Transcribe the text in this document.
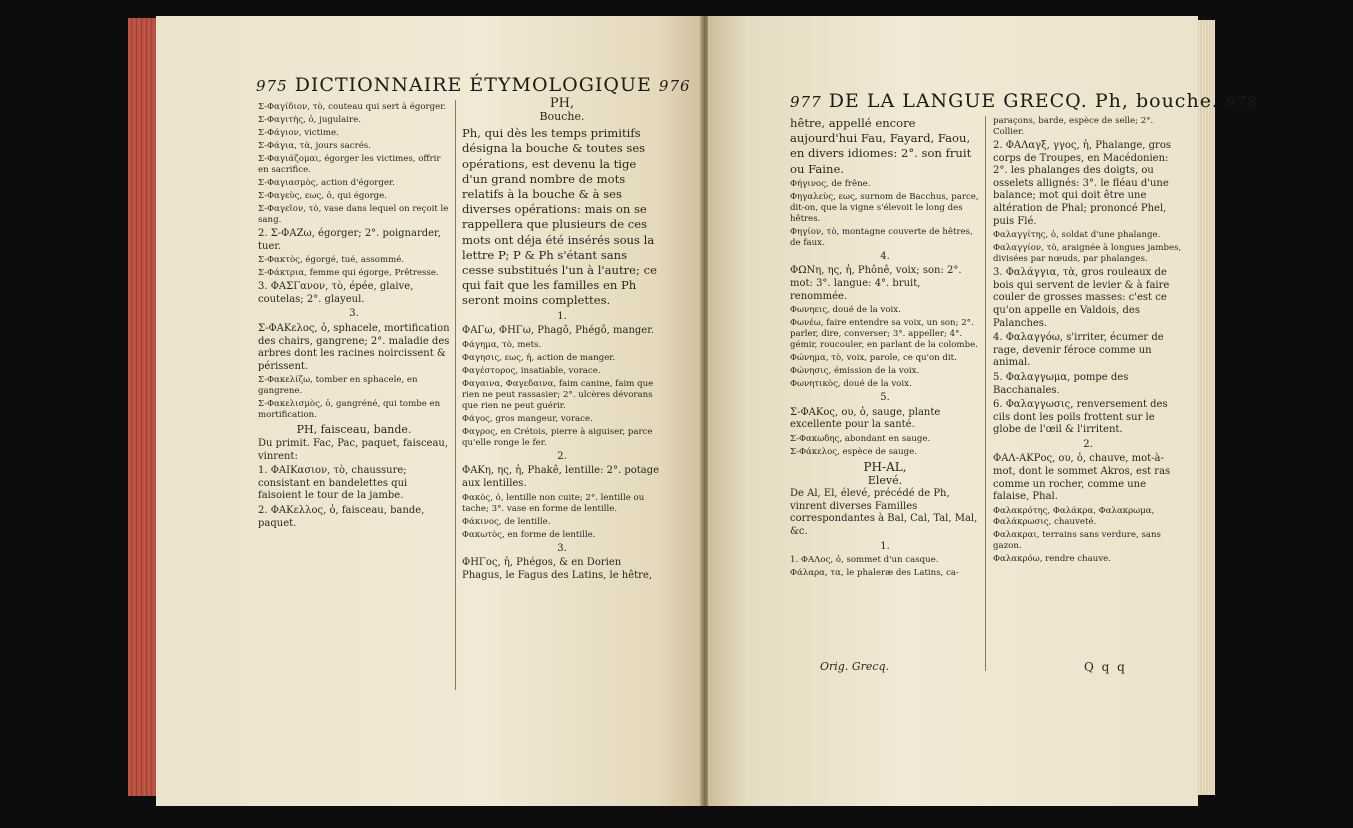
975 DICTIONNAIRE ÉTYMOLOGIQUE 976

Σ-Φαγίδιον, τὸ, couteau qui sert à égorger.

Σ-Φαγιτὴς, ὁ, jugulaire.

Σ-Φάγιον, victime.

Σ-Φάγια, τὰ, jours sacrés.

Σ-Φαγιάζομαι, égorger les victimes, offrir en sacrifice.

Σ-Φαγιασμὸς, action d'égorger.

Σ-Φαγεὺς, εως, ὁ, qui égorge.

Σ-Φαγεῖον, τὸ, vase dans lequel on reçoit le sang.

2. Σ-ΦΑΖω, égorger; 2°. poignarder, tuer.

Σ-Φακτὸς, égorgé, tué, assommé.

Σ-Φάκτρια, femme qui égorge, Prêtresse.

3. ΦΑΣΓανον, τὸ, épée, glaive, coutelas; 2°. glayeul.

3.

Σ-ΦΑΚελος, ὁ, sphacele, mortification des chairs, gangrene; 2°. maladie des arbres dont les racines noircissent & périssent.

Σ-Φακελίζω, tomber en sphacele, en gangrene.

Σ-Φακελισμὸς, ὁ, gangréné, qui tombe en mortification.

PH, faisceau, bande.

Du primit. Fac, Pac, paquet, faisceau, vinrent:

1. ΦΑΙΚασιον, τὸ, chaussure; consistant en bandelettes qui faisoient le tour de la jambe.

2. ΦΑΚελλος, ὁ, faisceau, bande, paquet.

PH,

Bouche.

Ph, qui dès les temps primitifs désigna la bouche & toutes ses opérations, est devenu la tige d'un grand nombre de mots relatifs à la bouche & à ses diverses opérations: mais on se rappellera que plusieurs de ces mots ont déja été insérés sous la lettre P; P & Ph s'étant sans cesse substitués l'un à l'autre; ce qui fait que les familles en Ph seront moins complettes.

1.

ΦΑΓω, ΦΗΓω, Phagô, Phégô, manger.

Φάγημα, τὸ, mets.

Φαγησις, εως, ἡ, action de manger.

Φαγέστορος, insatiable, vorace.

Φαγαινα, Φαγεδαινα, faim canine, faim que rien ne peut rassasier; 2°. ulcères dévorans que rien ne peut guérir.

Φάγος, gros mangeur, vorace.

Φαγρος, en Crétois, pierre à aiguiser, parce qu'elle ronge le fer.

2.

ΦΑΚη, ης, ἡ, Phakê, lentille: 2°. potage aux lentilles.

Φακὸς, ὁ, lentille non cuite; 2°. lentille ou tache; 3°. vase en forme de lentille.

Φάκινος, de lentille.

Φακωτὸς, en forme de lentille.

3.

ΦΗΓος, ἡ, Phégos, & en Dorien Phagus, le Fagus des Latins, le hêtre,

977 DE LA LANGUE GRECQ. Ph, bouche. 978

hêtre, appellé encore aujourd'hui Fau, Fayard, Faou, en divers idiomes: 2°. son fruit ou Faine.

Φήγινος, de frêne.

Φηγαλεὺς, εως, surnom de Bacchus, parce, dit-on, que la vigne s'élevoit le long des hêtres.

Φηγίον, τὸ, montagne couverte de hêtres, de faux.

4.

ΦΩΝη, ης, ἡ, Phônê, voix; son: 2°. mot: 3°. langue: 4°. bruit, renommée.

Φωνηεις, doué de la voix.

Φωνέω, faire entendre sa voix, un son; 2°. parler, dire, converser; 3°. appeller; 4°. gémir, roucouler, en parlant de la colombe.

Φώνημα, τὸ, voix, parole, ce qu'on dit.

Φώνησις, émission de la voix.

Φωνητικὸς, doué de la voix.

5.

Σ-ΦΑΚος, ου, ὁ, sauge, plante excellente pour la santé.

Σ-Φακωδης, abondant en sauge.

Σ-Φάκελος, espèce de sauge.

PH-AL,

Elevé.

De Al, El, élevé, précédé de Ph, vinrent diverses Familles correspondantes à Bal, Cal, Tal, Mal, &c.

1.

1. ΦΑΛος, ὁ, sommet d'un casque.

Φάλαρα, τα, le phaleræ des Latins, ca-

paraçons, barde, espèce de selle; 2°. Collier.

2. ΦΑΛαγξ, γγος, ἡ, Phalange, gros corps de Troupes, en Macédonien: 2°. les phalanges des doigts, ou osselets allignés: 3°. le fléau d'une balance; mot qui doit être une altération de Phal; prononcé Phel, puis Flé.

Φαλαγγίτης, ὁ, soldat d'une phalange.

Φαλαγγίον, τὸ, araignée à longues jambes, divisées par nœuds, par phalanges.

3. Φαλάγγια, τὰ, gros rouleaux de bois qui servent de levier & à faire couler de grosses masses: c'est ce qu'on appelle en Valdois, des Palanches.

4. Φαλαγγόω, s'irriter, écumer de rage, devenir féroce comme un animal.

5. Φαλαγγωμα, pompe des Bacchanales.

6. Φαλαγγωσις, renversement des cils dont les poils frottent sur le globe de l'œil & l'irritent.

2.

ΦΑΛ-ΑΚΡος, ου, ὁ, chauve, mot-à-mot, dont le sommet Akros, est ras comme un rocher, comme une falaise, Phal.

Φαλακρότης, Φαλάκρα, Φαλακρωμα, Φαλάκρωσις, chauveté.

Φαλακραι, terrains sans verdure, sans gazon.

Φαλακρόω, rendre chauve.

Orig. Grecq.	Q q q
